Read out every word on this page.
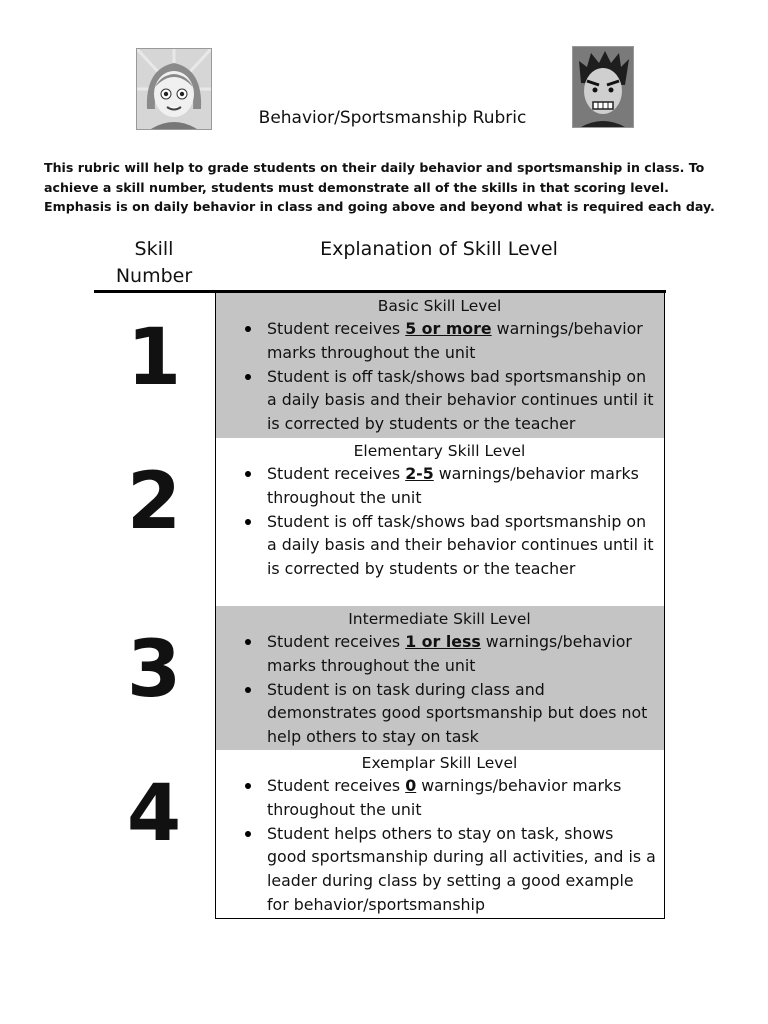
Behavior/Sportsmanship Rubric
This rubric will help to grade students on their daily behavior and sportsmanship in class. To achieve a skill number, students must demonstrate all of the skills in that scoring level. Emphasis is on daily behavior in class and going above and beyond what is required each day.
Skill
Number
Explanation of Skill Level
Basic Skill Level
Student receives 5 or more warnings/behavior marks throughout the unit
Student is off task/shows bad sportsmanship on a daily basis and their behavior continues until it is corrected by students or the teacher
Elementary Skill Level
Student receives 2-5 warnings/behavior marks throughout the unit
Student is off task/shows bad sportsmanship on a daily basis and their behavior continues until it is corrected by students or the teacher
Intermediate Skill Level
Student receives 1 or less warnings/behavior marks throughout the unit
Student is on task during class and demonstrates good sportsmanship but does not help others to stay on task
Exemplar Skill Level
Student receives 0 warnings/behavior marks throughout the unit
Student helps others to stay on task, shows good sportsmanship during all activities, and is a leader during class by setting a good example for behavior/sportsmanship
1
2
3
4
